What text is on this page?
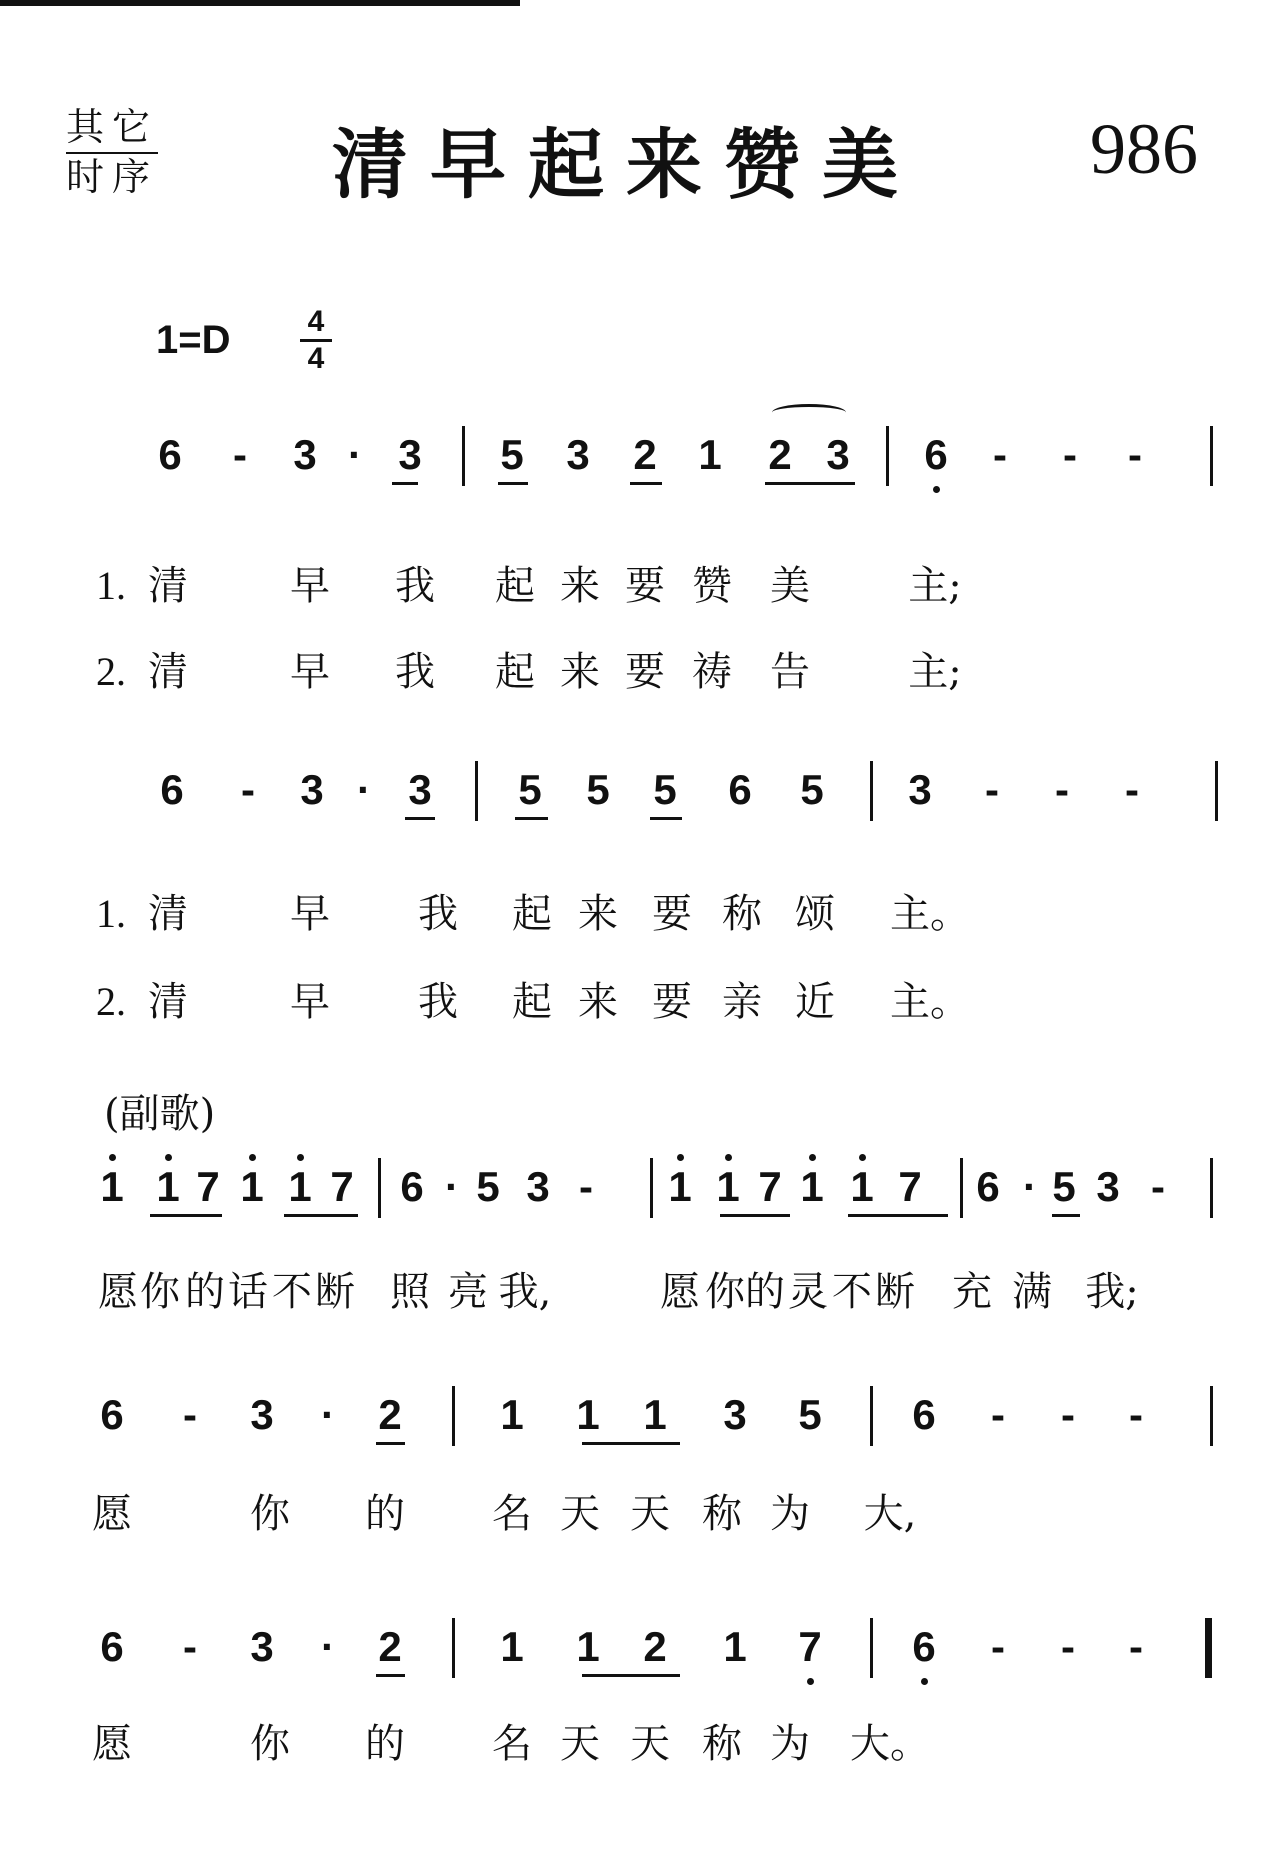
其它
时序 清早起来赞美 986
1=D	4
4
(副歌)
6 - 3 · 3 5 3 2 1 2 3 6 - - -
1. 清	早 我 起 来 要 赞 美 主;
2. 清	早 我 起 来 要 祷 告 主;
6 - 3 · 3 5 5 5 6 5 3 - - -
1. 清	早 我 起 来 要 称 颂 主。
2. 清	早 我 起 来 要 亲 近 主。
1 1 7 1 1 7 6 · 5 3 - 1 1 7 1 1 7 6 · 5 3 -
愿 你 的 话 不 断 照 亮 我,	愿 你 的 灵 不 断 充 满 我;
6 - 3 · 2 1 1 1 3 5 6 - - -
愿	你 的 名 天 天 称 为 大,
6 - 3 · 2 1 1 2 1 7 6 - - -
愿	你 的 名 天 天 称 为 大。
